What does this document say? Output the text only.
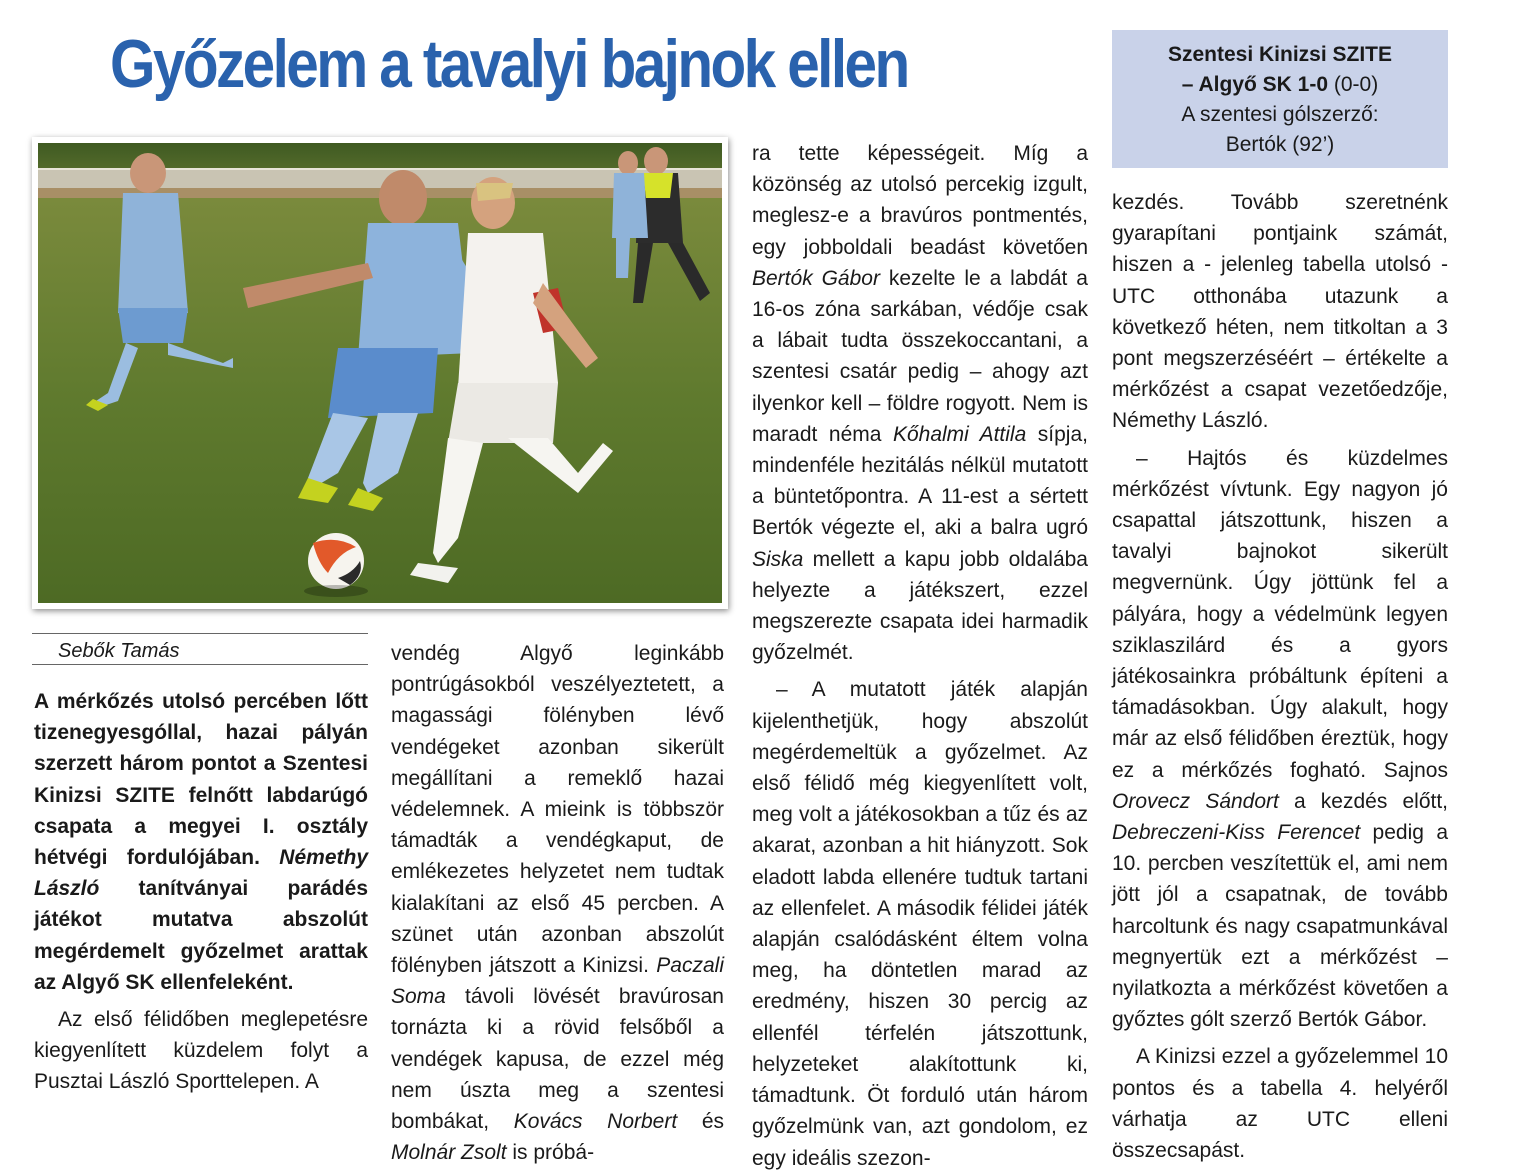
Győzelem a tavalyi bajnok ellen	Szentesi Kinizsi SZITE
– Algyő SK 1-0 (0-0)
A szentesi gólszerző:
Bertók (92’)
Sebők Tamás

A mérkőzés utolsó percében lőtt tizenegyesgóllal, hazai pályán szerzett három pontot a Szentesi Kinizsi SZITE felnőtt labdarúgó csapata a megyei I. osztály hétvégi fordulójában. Némethy László tanítványai parádés játékot mutatva abszolút megérdemelt győzelmet arattak az Algyő SK ellenfeleként.

Az első félidőben meglepetésre kiegyenlített küzdelem folyt a Pusztai László Sporttelepen. A

vendég Algyő leginkább pontrúgásokból veszélyeztetett, a magassági fölényben lévő vendégeket azonban sikerült megállítani a remeklő hazai védelemnek. A mieink is többször támadták a vendégkaput, de emlékezetes helyzetet nem tudtak kialakítani az első 45 percben. A szünet után azonban abszolút fölényben játszott a Kinizsi. Paczali Soma távoli lövését bravúrosan tornázta ki a rövid felsőből a vendégek kapusa, de ezzel még nem úszta meg a szentesi bombákat, Kovács Norbert és Molnár Zsolt is próbá-

ra tette képességeit. Míg a közönség az utolsó percekig izgult, meglesz-e a bravúros pontmentés, egy jobboldali beadást követően Bertók Gábor kezelte le a labdát a 16-os zóna sarkában, védője csak a lábait tudta összekoccantani, a szentesi csatár pedig – ahogy azt ilyenkor kell – földre rogyott. Nem is maradt néma Kőhalmi Attila sípja, mindenféle hezitálás nélkül mutatott a büntetőpontra. A 11-est a sértett Bertók végezte el, aki a balra ugró Siska mellett a kapu jobb oldalába helyezte a játékszert, ezzel megszerezte csapata idei harmadik győzelmét.

– A mutatott játék alapján kijelenthetjük, hogy abszolút megérdemeltük a győzelmet. Az első félidő még kiegyenlített volt, meg volt a játékosokban a tűz és az akarat, azonban a hit hiányzott. Sok eladott labda ellenére tudtuk tartani az ellenfelet. A második félidei játék alapján csalódásként éltem volna meg, ha döntetlen marad az eredmény, hiszen 30 percig az ellenfél térfelén játszottunk, helyzeteket alakítottunk ki, támadtunk. Öt forduló után három győzelmünk van, azt gondolom, ez egy ideális szezon-

kezdés. Tovább szeretnénk gyarapítani pontjaink számát, hiszen a - jelenleg tabella utolsó - UTC otthonába utazunk a következő héten, nem titkoltan a 3 pont megszerzéséért – értékelte a mérkőzést a csapat vezetőedzője, Némethy László.

– Hajtós és küzdelmes mérkőzést vívtunk. Egy nagyon jó csapattal játszottunk, hiszen a tavalyi bajnokot sikerült megvernünk. Úgy jöttünk fel a pályára, hogy a védelmünk legyen sziklaszilárd és a gyors játékosainkra próbáltunk építeni a támadásokban. Úgy alakult, hogy már az első félidőben éreztük, hogy ez a mérkőzés fogható. Sajnos Orovecz Sándort a kezdés előtt, Debreczeni-Kiss Ferencet pedig a 10. percben veszítettük el, ami nem jött jól a csapatnak, de tovább harcoltunk és nagy csapatmunkával megnyertük ezt a mérkőzést – nyilatkozta a mérkőzést követően a győztes gólt szerző Bertók Gábor.

A Kinizsi ezzel a győzelemmel 10 pontos és a tabella 4. helyéről várhatja az UTC elleni összecsapást.
